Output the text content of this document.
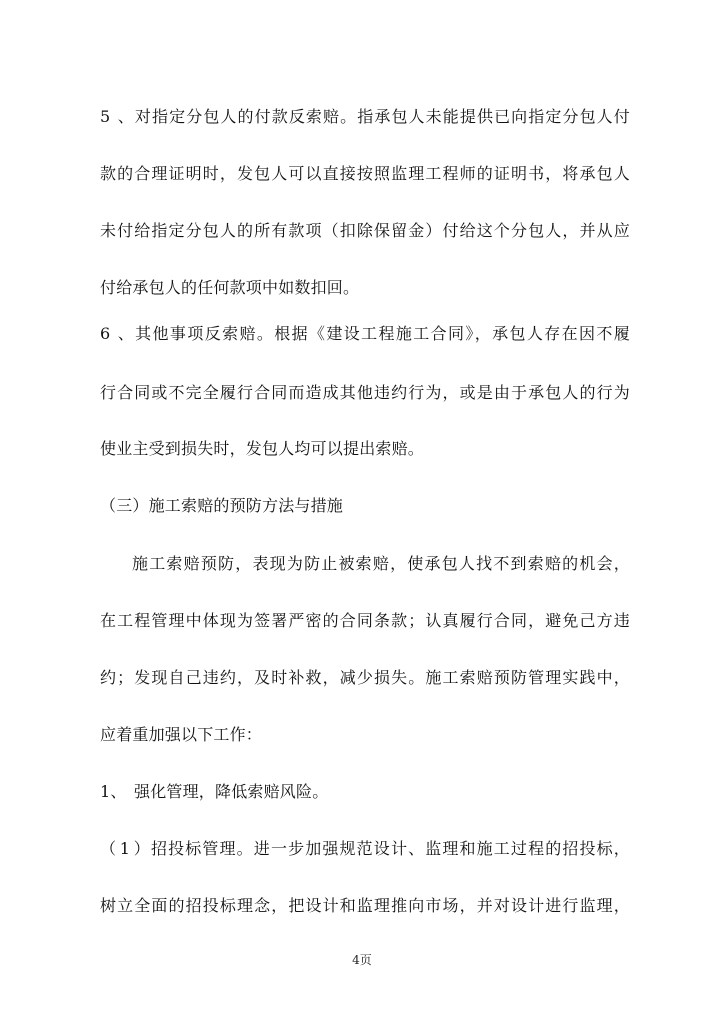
5、对指定分包人的付款反索赔。指承包人未能提供已向指定分包人付
款的合理证明时，发包人可以直接按照监理工程师的证明书，将承包人
未付给指定分包人的所有款项（扣除保留金）付给这个分包人，并从应
付给承包人的任何款项中如数扣回。
6、其他事项反索赔。根据《建设工程施工合同》，承包人存在因不履
行合同或不完全履行合同而造成其他违约行为，或是由于承包人的行为
使业主受到损失时，发包人均可以提出索赔。
（三）施工索赔的预防方法与措施
施工索赔预防，表现为防止被索赔，使承包人找不到索赔的机会，
在工程管理中体现为签署严密的合同条款；认真履行合同，避免己方违
约；发现自己违约，及时补救，减少损失。施工索赔预防管理实践中，
应着重加强以下工作：
1、 强化管理，降低索赔风险。
（1）招投标管理。进一步加强规范设计、监理和施工过程的招投标，
树立全面的招投标理念，把设计和监理推向市场，并对设计进行监理，
4页
